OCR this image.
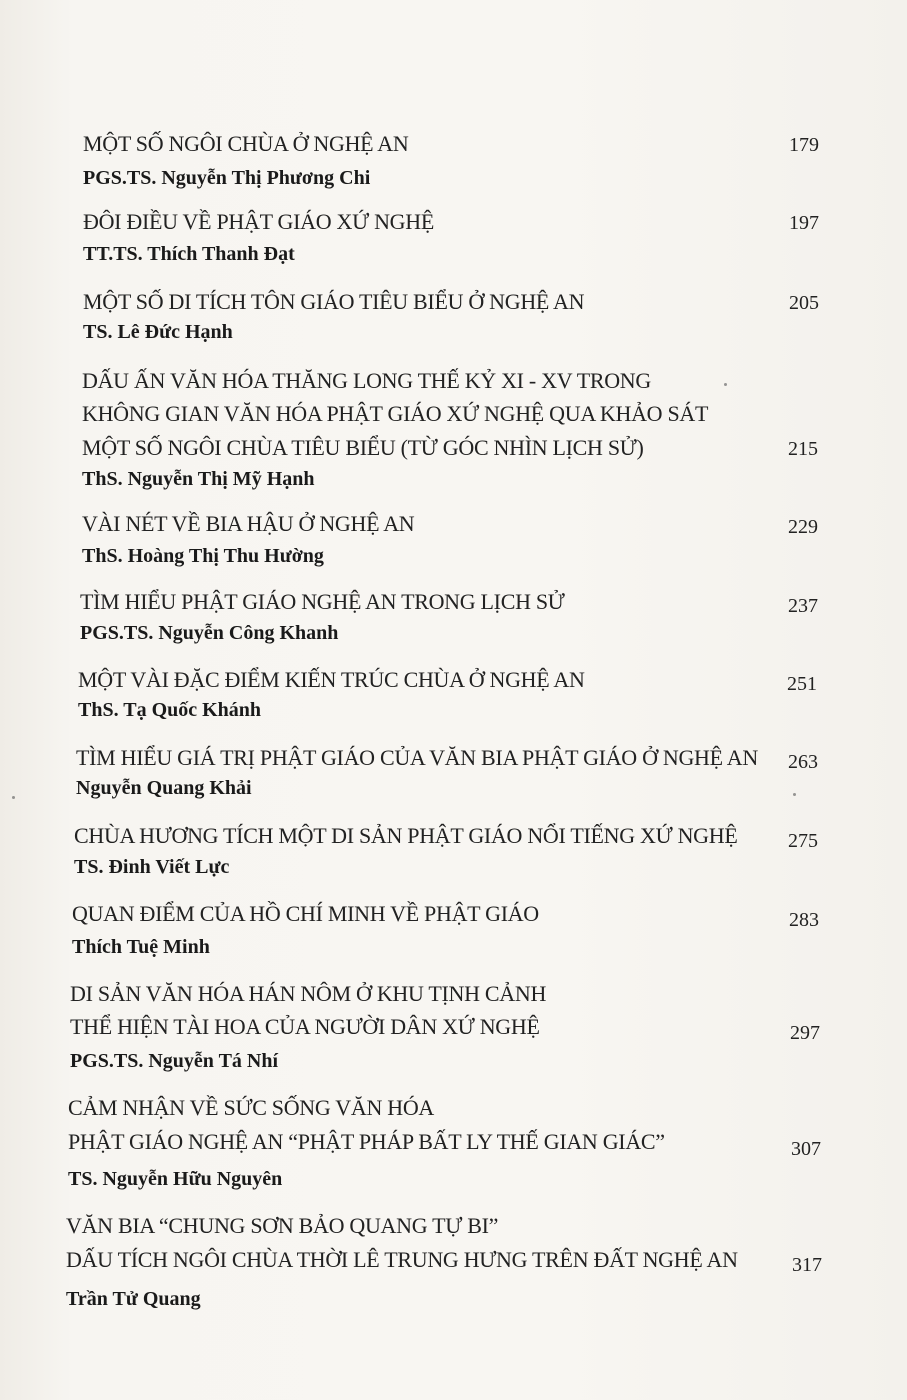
MỘT SỐ NGÔI CHÙA Ở NGHỆ AN
PGS.TS. Nguyễn Thị Phương Chi
179
ĐÔI ĐIỀU VỀ PHẬT GIÁO XỨ NGHỆ
TT.TS. Thích Thanh Đạt
197
MỘT SỐ DI TÍCH TÔN GIÁO TIÊU BIỂU Ở NGHỆ AN
TS. Lê Đức Hạnh
205
DẤU ẤN VĂN HÓA THĂNG LONG THẾ KỶ XI - XV TRONG
KHÔNG GIAN VĂN HÓA PHẬT GIÁO XỨ NGHỆ QUA KHẢO SÁT
MỘT SỐ NGÔI CHÙA TIÊU BIỂU (TỪ GÓC NHÌN LỊCH SỬ)
ThS. Nguyễn Thị Mỹ Hạnh
215
VÀI NÉT VỀ BIA HẬU Ở NGHỆ AN
ThS. Hoàng Thị Thu Hường
229
TÌM HIỂU PHẬT GIÁO NGHỆ AN TRONG LỊCH SỬ
PGS.TS. Nguyễn Công Khanh
237
MỘT VÀI ĐẶC ĐIỂM KIẾN TRÚC CHÙA Ở NGHỆ AN
ThS. Tạ Quốc Khánh
251
TÌM HIỂU GIÁ TRỊ PHẬT GIÁO CỦA VĂN BIA PHẬT GIÁO Ở NGHỆ AN
Nguyễn Quang Khải
263
CHÙA HƯƠNG TÍCH MỘT DI SẢN PHẬT GIÁO NỔI TIẾNG XỨ NGHỆ
TS. Đinh Viết Lực
275
QUAN ĐIỂM CỦA HỒ CHÍ MINH VỀ PHẬT GIÁO
Thích Tuệ Minh
283
DI SẢN VĂN HÓA HÁN NÔM Ở KHU TỊNH CẢNH
THỂ HIỆN TÀI HOA CỦA NGƯỜI DÂN XỨ NGHỆ
PGS.TS. Nguyễn Tá Nhí
297
CẢM NHẬN VỀ SỨC SỐNG VĂN HÓA
PHẬT GIÁO NGHỆ AN “PHẬT PHÁP BẤT LY THẾ GIAN GIÁC”
TS. Nguyễn Hữu Nguyên
307
VĂN BIA “CHUNG SƠN BẢO QUANG TỰ BI”
DẤU TÍCH NGÔI CHÙA THỜI LÊ TRUNG HƯNG TRÊN ĐẤT NGHỆ AN
Trần Tử Quang
317
